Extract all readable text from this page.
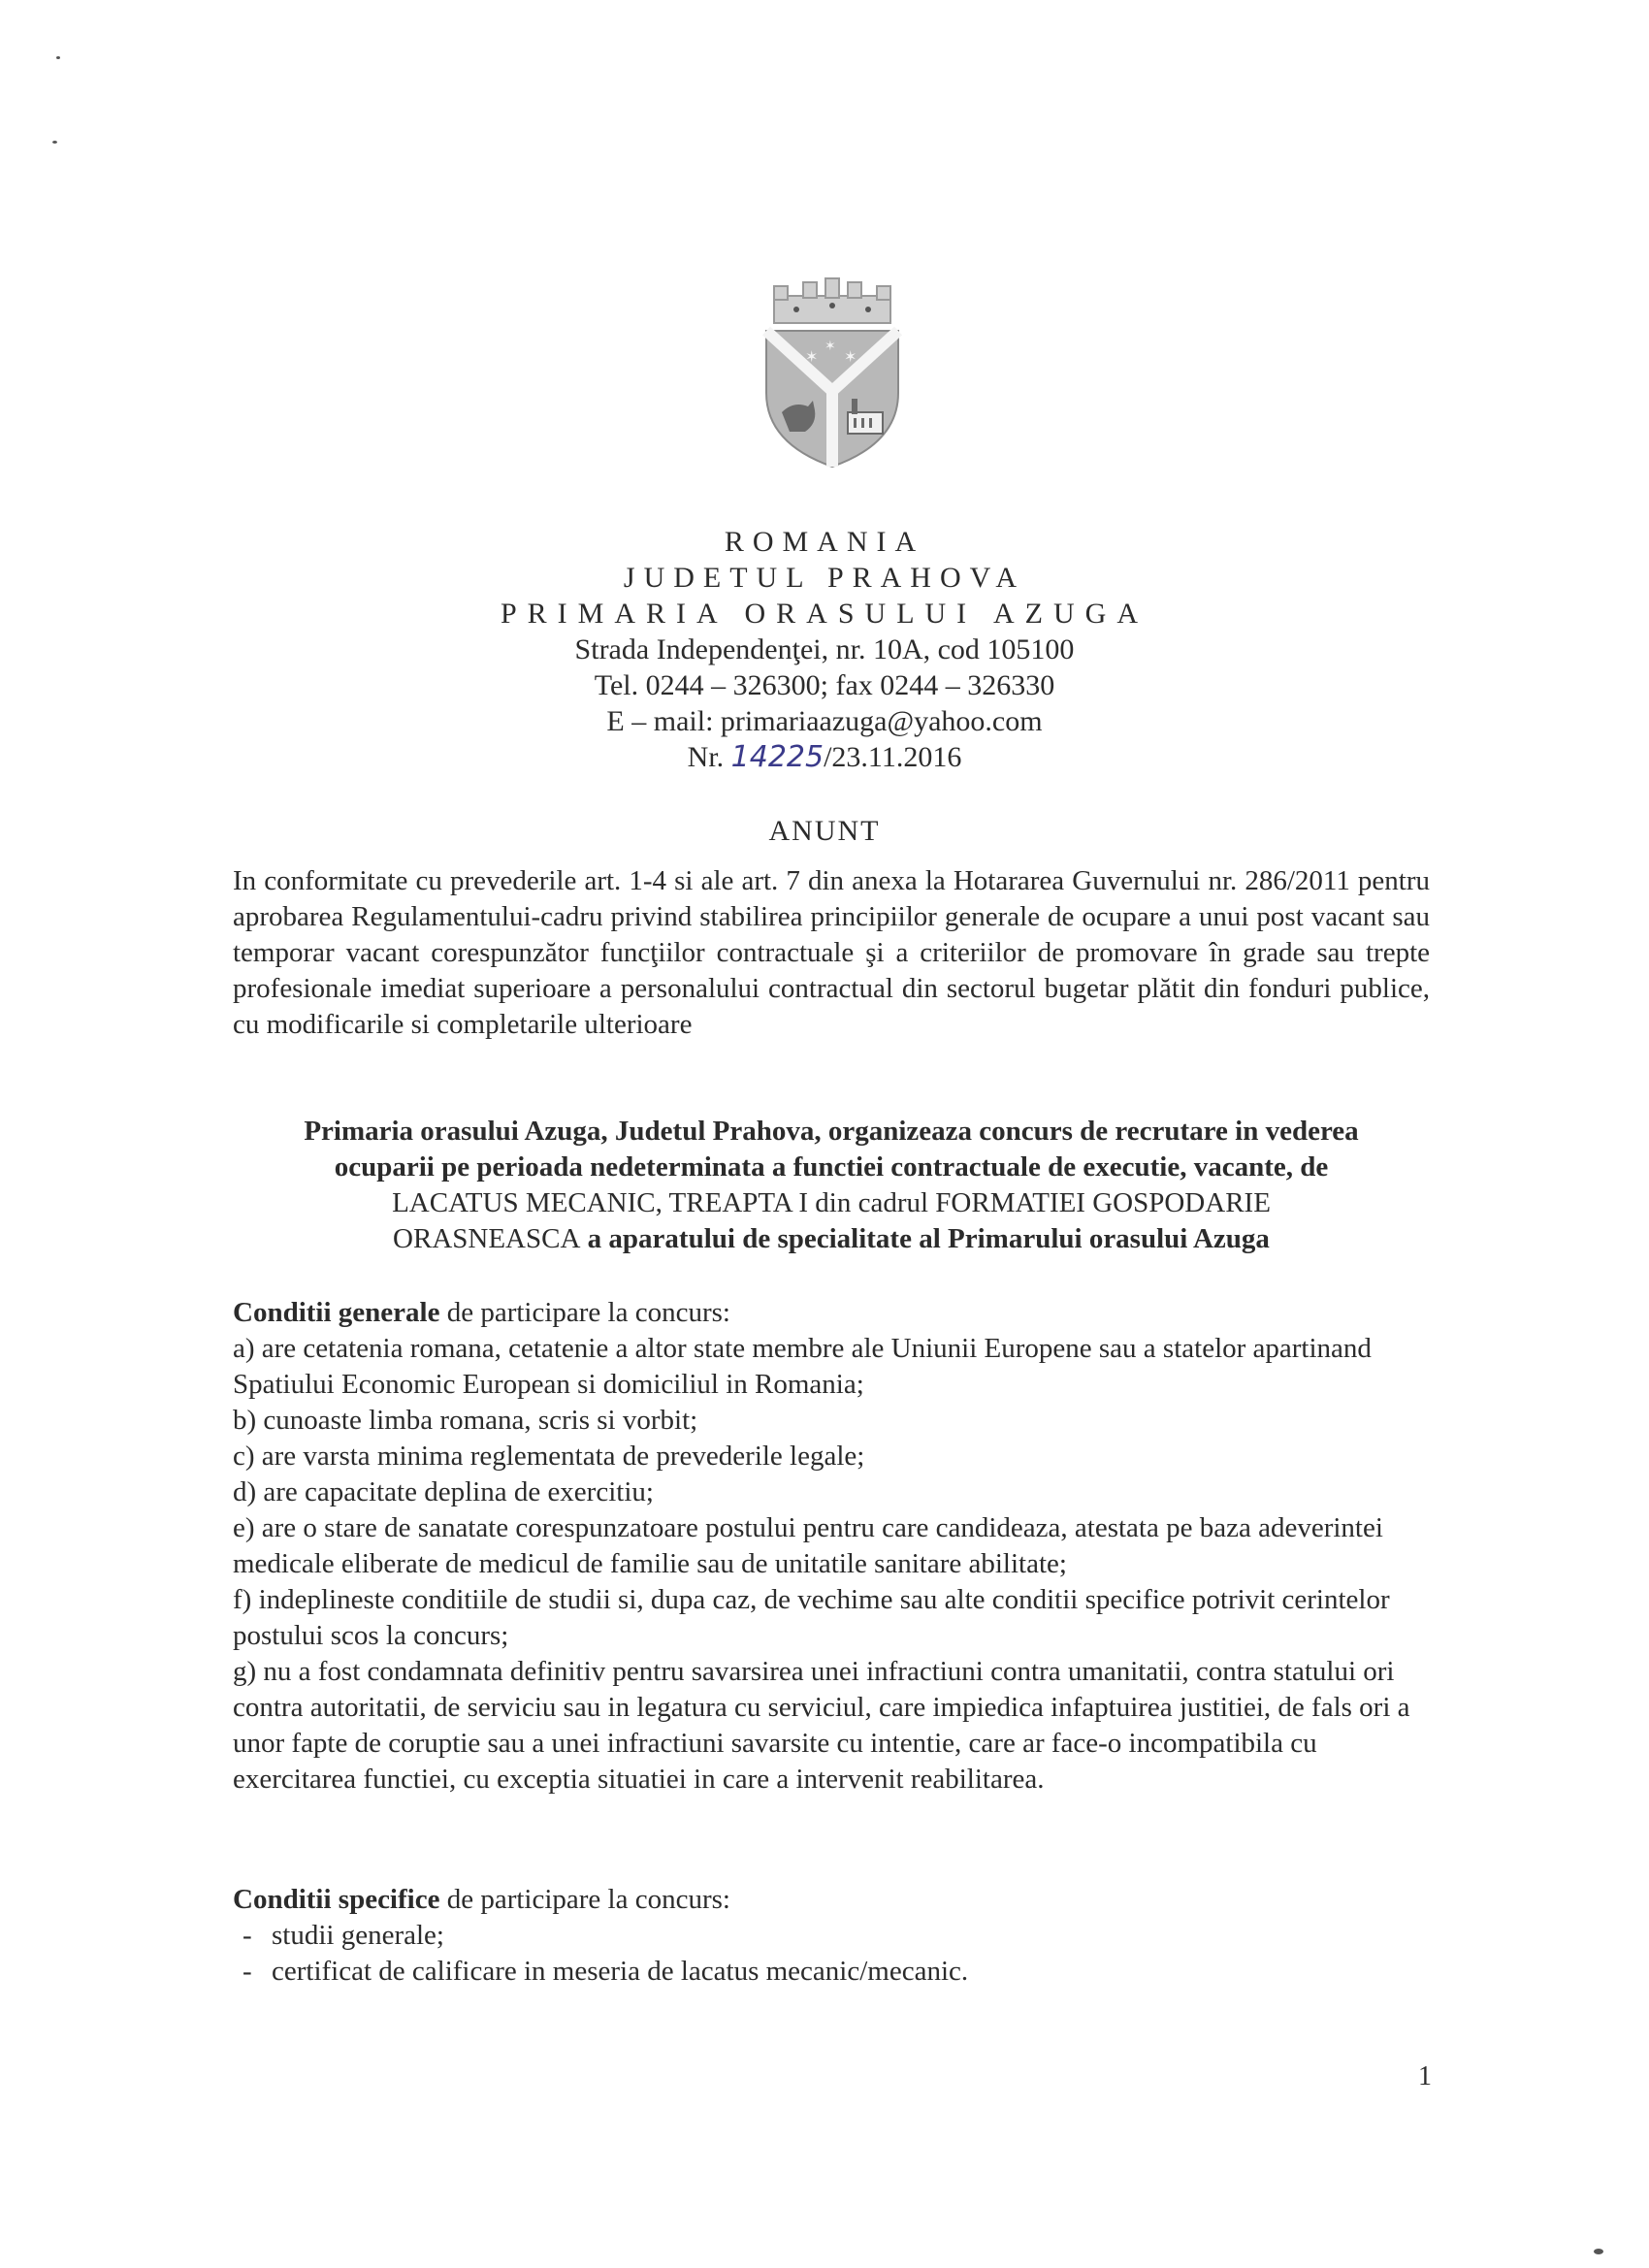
✶ ✶
✶
ROMANIA
JUDETUL PRAHOVA
PRIMARIA ORASULUI AZUGA
Strada Independenţei, nr. 10A, cod 105100
Tel. 0244 – 326300; fax 0244 – 326330
E – mail: primariaazuga@yahoo.com
Nr. 14225/23.11.2016
ANUNT
In conformitate cu prevederile art. 1-4 si ale art. 7 din anexa la Hotararea Guvernului nr. 286/2011 pentru aprobarea Regulamentului-cadru privind stabilirea principiilor generale de ocupare a unui post vacant sau temporar vacant corespunzător funcţiilor contractuale şi a criteriilor de promovare în grade sau trepte profesionale imediat superioare a personalului contractual din sectorul bugetar plătit din fonduri publice, cu modificarile si completarile ulterioare
Primaria orasului Azuga, Judetul Prahova, organizeaza concurs de recrutare in vederea
ocuparii pe perioada nedeterminata a functiei contractuale de executie, vacante, de
LACATUS MECANIC, TREAPTA I din cadrul FORMATIEI GOSPODARIE
ORASNEASCA a aparatului de specialitate al Primarului orasului Azuga
Conditii generale de participare la concurs:
a) are cetatenia romana, cetatenie a altor state membre ale Uniunii Europene sau a statelor apartinand Spatiului Economic European si domiciliul in Romania;
b) cunoaste limba romana, scris si vorbit;
c) are varsta minima reglementata de prevederile legale;
d) are capacitate deplina de exercitiu;
e) are o stare de sanatate corespunzatoare postului pentru care candideaza, atestata pe baza adeverintei medicale eliberate de medicul de familie sau de unitatile sanitare abilitate;
f) indeplineste conditiile de studii si, dupa caz, de vechime sau alte conditii specifice potrivit cerintelor postului scos la concurs;
g) nu a fost condamnata definitiv pentru savarsirea unei infractiuni contra umanitatii, contra statului ori contra autoritatii, de serviciu sau in legatura cu serviciul, care impiedica infaptuirea justitiei, de fals ori a unor fapte de coruptie sau a unei infractiuni savarsite cu intentie, care ar face-o incompatibila cu exercitarea functiei, cu exceptia situatiei in care a intervenit reabilitarea.
Conditii specifice de participare la concurs:
- studii generale;
- certificat de calificare in meseria de lacatus mecanic/mecanic.
1
